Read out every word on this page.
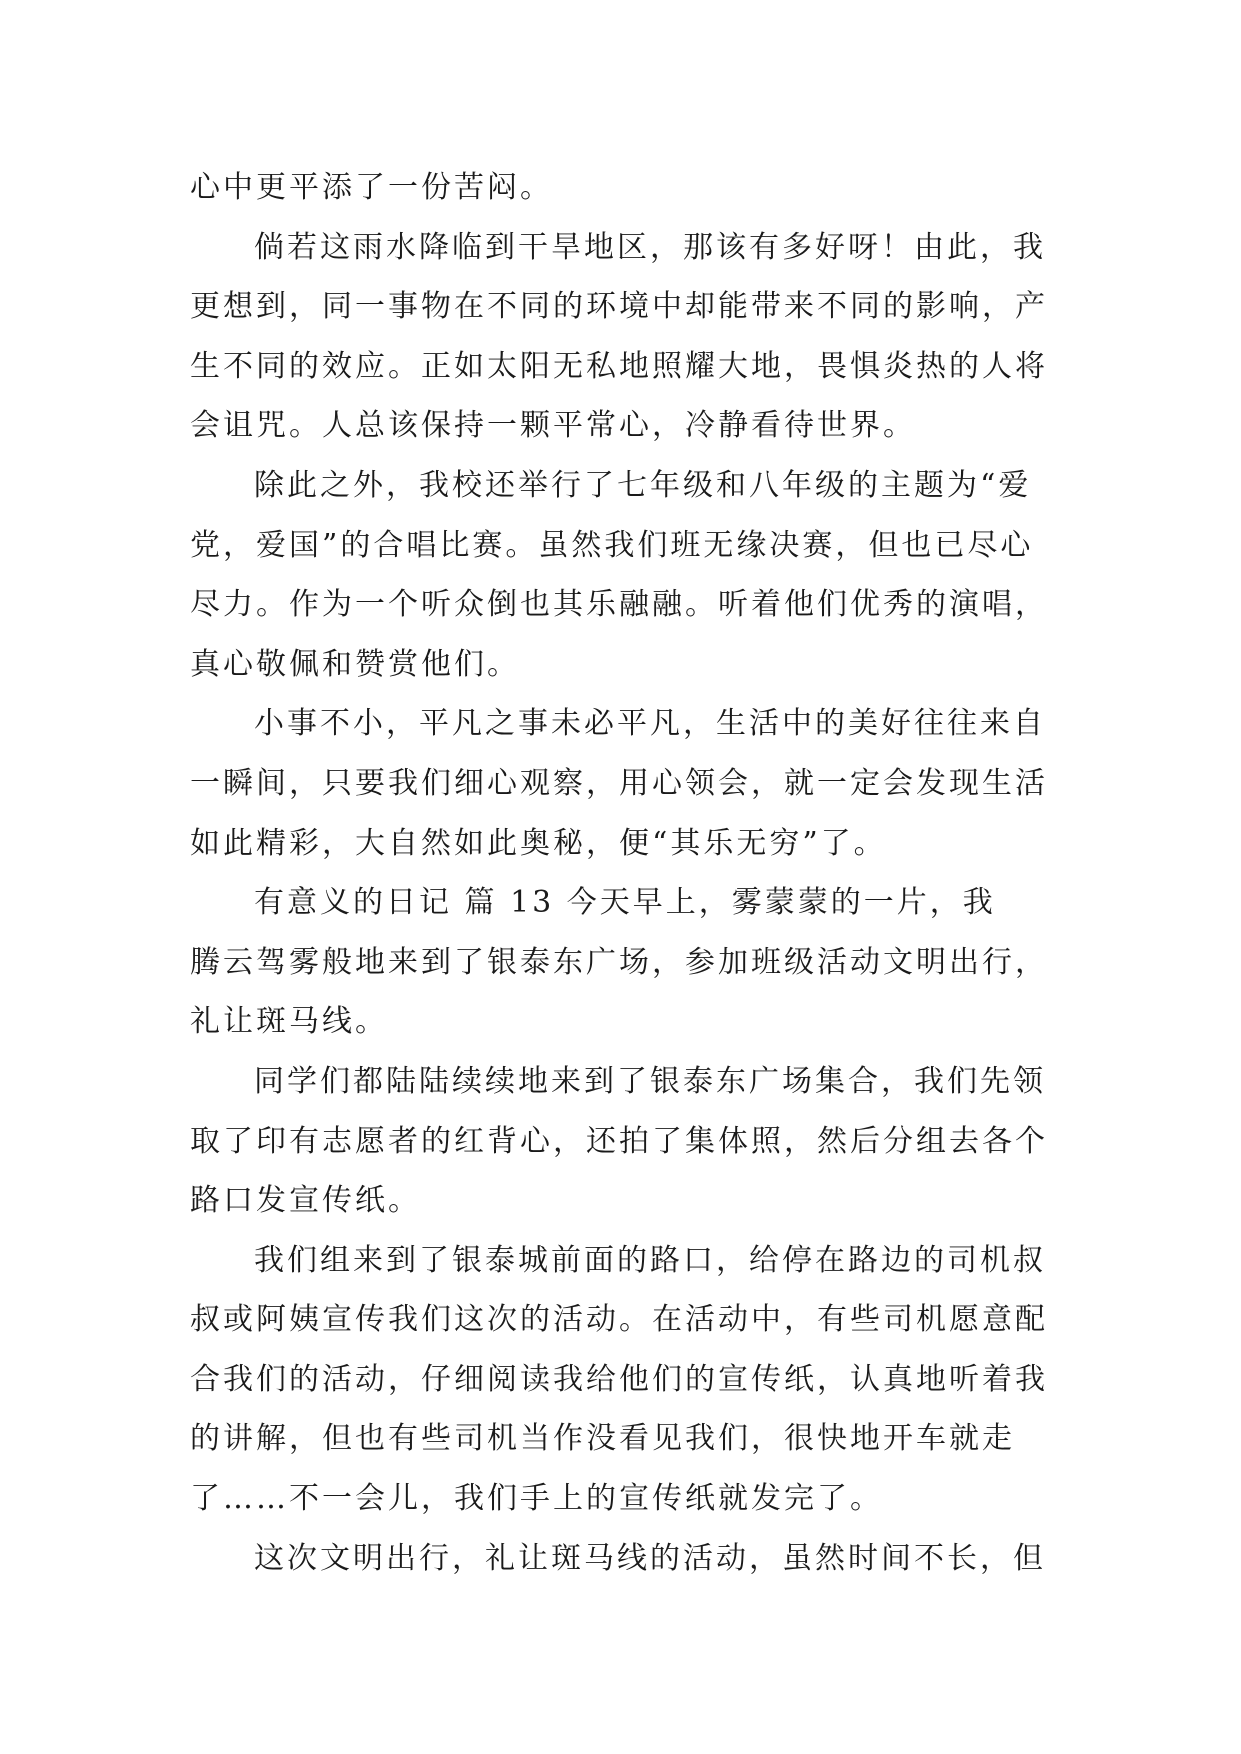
心中更平添了一份苦闷。
倘若这雨水降临到干旱地区，那该有多好呀！由此，我
更想到，同一事物在不同的环境中却能带来不同的影响，产
生不同的效应。正如太阳无私地照耀大地，畏惧炎热的人将
会诅咒。人总该保持一颗平常心，冷静看待世界。
除此之外，我校还举行了七年级和八年级的主题为“爱
党，爱国”的合唱比赛。虽然我们班无缘决赛，但也已尽心
尽力。作为一个听众倒也其乐融融。听着他们优秀的演唱，
真心敬佩和赞赏他们。
小事不小，平凡之事未必平凡，生活中的美好往往来自
一瞬间，只要我们细心观察，用心领会，就一定会发现生活
如此精彩，大自然如此奥秘，便“其乐无穷”了。
有意义的日记 篇 13 今天早上，雾蒙蒙的一片，我
腾云驾雾般地来到了银泰东广场，参加班级活动文明出行，
礼让斑马线。
同学们都陆陆续续地来到了银泰东广场集合，我们先领
取了印有志愿者的红背心，还拍了集体照，然后分组去各个
路口发宣传纸。
我们组来到了银泰城前面的路口，给停在路边的司机叔
叔或阿姨宣传我们这次的活动。在活动中，有些司机愿意配
合我们的活动，仔细阅读我给他们的宣传纸，认真地听着我
的讲解，但也有些司机当作没看见我们，很快地开车就走
了……不一会儿，我们手上的宣传纸就发完了。
这次文明出行，礼让斑马线的活动，虽然时间不长，但
